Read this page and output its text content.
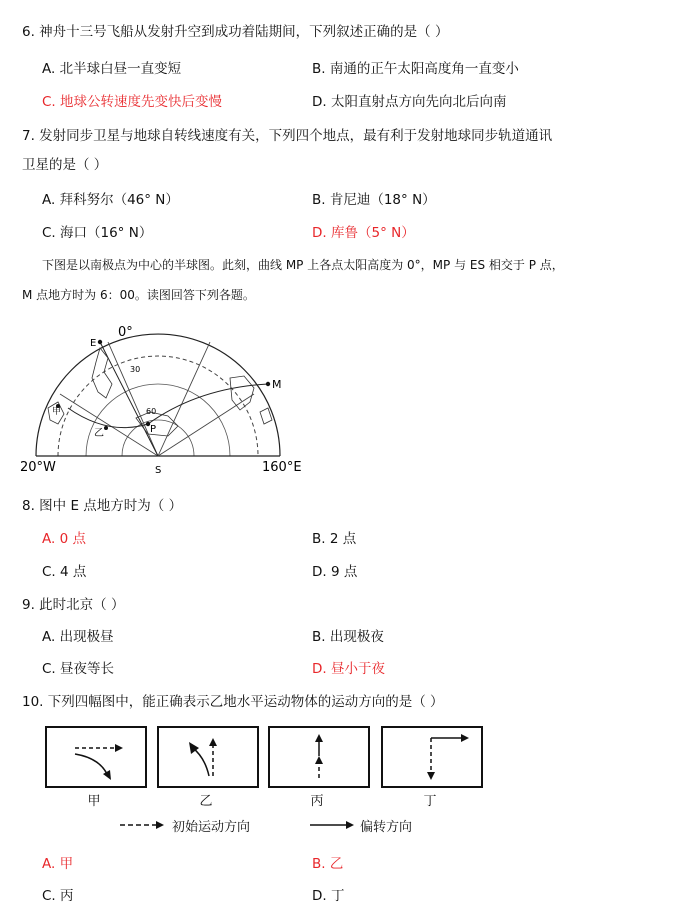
6. 神舟十三号飞船从发射升空到成功着陆期间，下列叙述正确的是（ ）
A. 北半球白昼一直变短	B. 南通的正午太阳高度角一直变小
C. 地球公转速度先变快后变慢	D. 太阳直射点方向先向北后向南
7. 发射同步卫星与地球自转线速度有关，下列四个地点，最有利于发射地球同步轨道通讯
卫星的是（ ）
A. 拜科努尔（46° N）	B. 肯尼迪（18° N）
C. 海口（16° N）	D. 库鲁（5° N）
下图是以南极点为中心的半球图。此刻，曲线 MP 上各点太阳高度为 0°，MP 与 ES 相交于 P 点，
M 点地方时为 6：00。读图回答下列各题。
0°
E
M
30
60
P
甲
乙
S
20°W	160°E
8. 图中 E 点地方时为（ ）
A. 0 点	B. 2 点
C. 4 点	D. 9 点
9. 此时北京（ ）
A. 出现极昼	B. 出现极夜
C. 昼夜等长	D. 昼小于夜
10. 下列四幅图中，能正确表示乙地水平运动物体的运动方向的是（ ）
甲	乙	丙	丁
初始运动方向	偏转方向
A. 甲	B. 乙
C. 丙	D. 丁
